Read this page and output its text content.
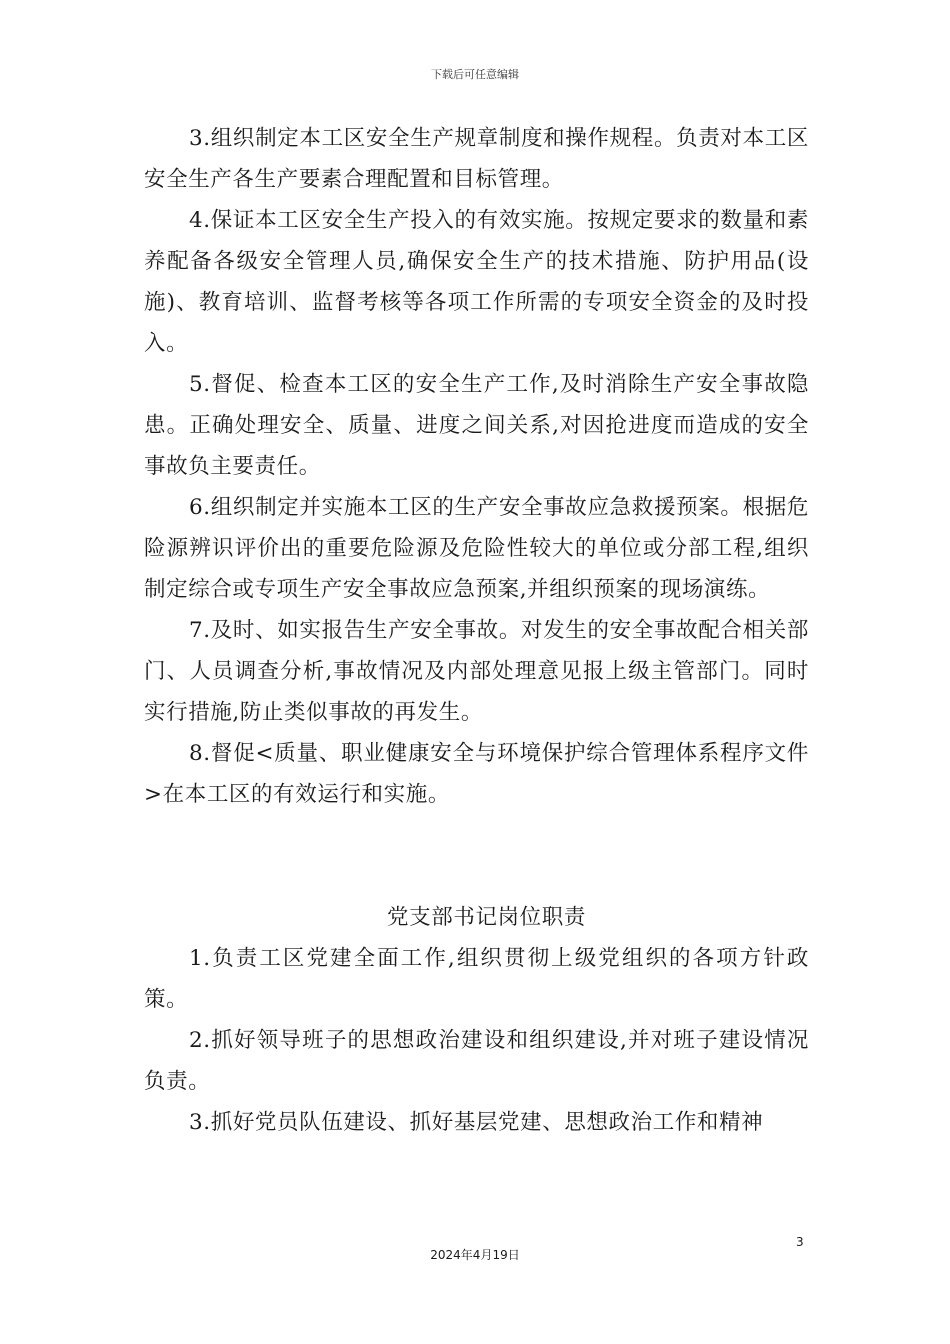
下载后可任意编辑

3.组织制定本工区安全生产规章制度和操作规程。负责对本工区安全生产各生产要素合理配置和目标管理。

4.保证本工区安全生产投入的有效实施。按规定要求的数量和素养配备各级安全管理人员,确保安全生产的技术措施、防护用品(设施)、教育培训、监督考核等各项工作所需的专项安全资金的及时投入。

5.督促、检查本工区的安全生产工作,及时消除生产安全事故隐患。正确处理安全、质量、进度之间关系,对因抢进度而造成的安全事故负主要责任。

6.组织制定并实施本工区的生产安全事故应急救援预案。根据危险源辨识评价出的重要危险源及危险性较大的单位或分部工程,组织制定综合或专项生产安全事故应急预案,并组织预案的现场演练。

7.及时、如实报告生产安全事故。对发生的安全事故配合相关部门、人员调查分析,事故情况及内部处理意见报上级主管部门。同时实行措施,防止类似事故的再发生。

8.督促<质量、职业健康安全与环境保护综合管理体系程序文件>在本工区的有效运行和实施。

党支部书记岗位职责

1.负责工区党建全面工作,组织贯彻上级党组织的各项方针政策。

2.抓好领导班子的思想政治建设和组织建设,并对班子建设情况负责。

3.抓好党员队伍建设、抓好基层党建、思想政治工作和精神

3
2024年4月19日
